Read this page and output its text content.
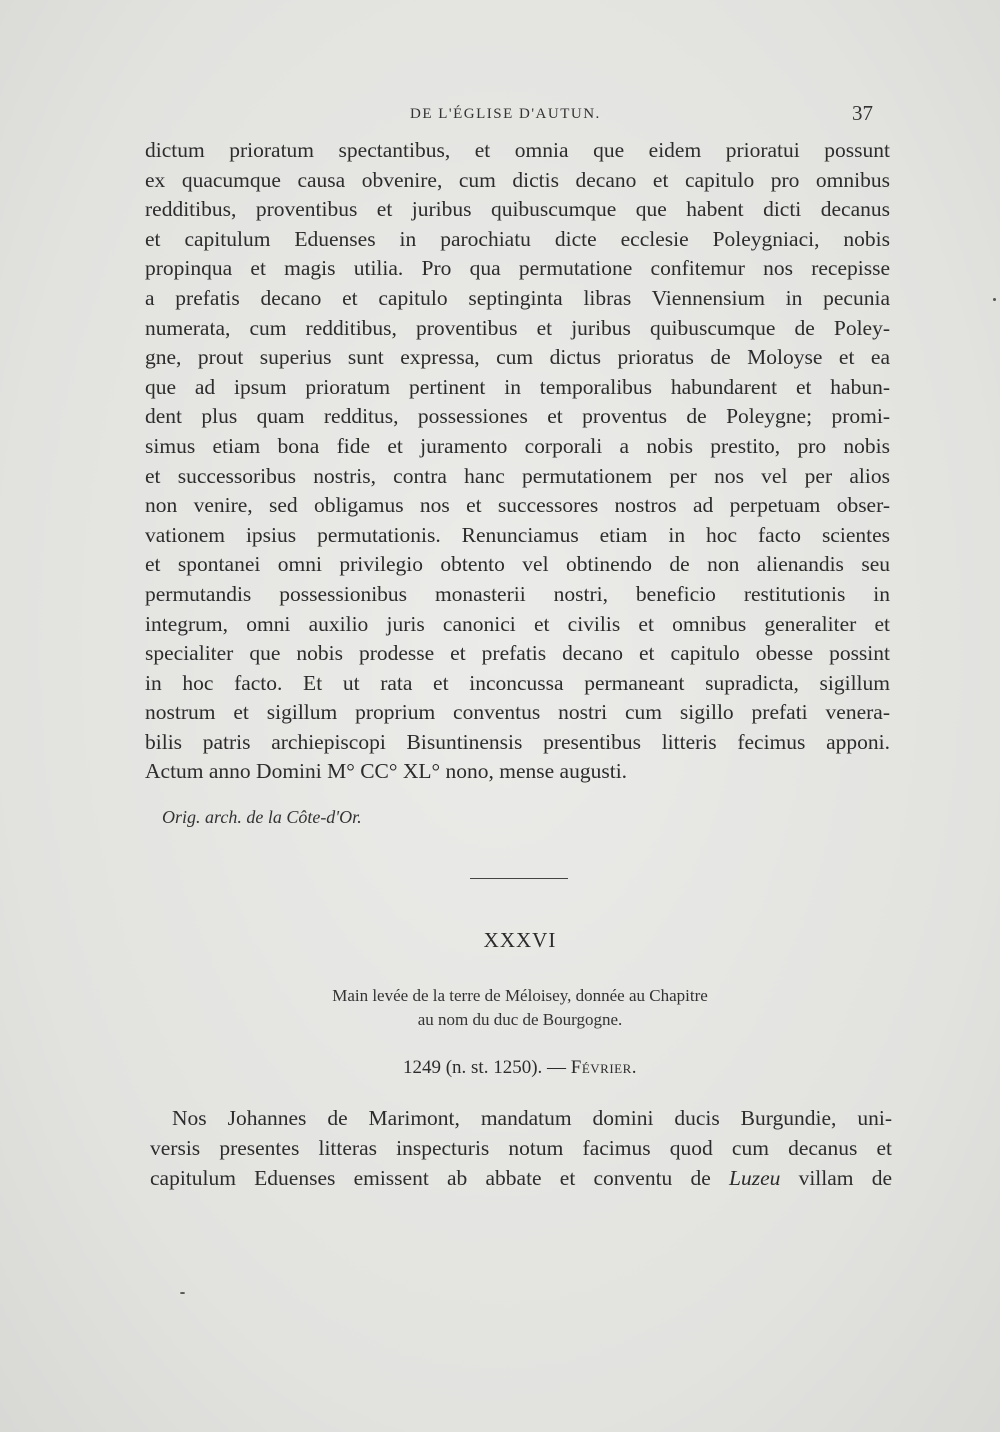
DE L'ÉGLISE D'AUTUN.	37
dictum prioratum spectantibus, et omnia que eidem prioratui possunt
ex quacumque causa obvenire, cum dictis decano et capitulo pro omnibus
redditibus, proventibus et juribus quibuscumque que habent dicti decanus
et capitulum Eduenses in parochiatu dicte ecclesie Poleygniaci, nobis
propinqua et magis utilia. Pro qua permutatione confitemur nos recepisse
a prefatis decano et capitulo septinginta libras Viennensium in pecunia
numerata, cum redditibus, proventibus et juribus quibuscumque de Poley-
gne, prout superius sunt expressa, cum dictus prioratus de Moloyse et ea
que ad ipsum prioratum pertinent in temporalibus habundarent et habun-
dent plus quam redditus, possessiones et proventus de Poleygne; promi-
simus etiam bona fide et juramento corporali a nobis prestito, pro nobis
et successoribus nostris, contra hanc permutationem per nos vel per alios
non venire, sed obligamus nos et successores nostros ad perpetuam obser-
vationem ipsius permutationis. Renunciamus etiam in hoc facto scientes
et spontanei omni privilegio obtento vel obtinendo de non alienandis seu
permutandis possessionibus monasterii nostri, beneficio restitutionis in
integrum, omni auxilio juris canonici et civilis et omnibus generaliter et
specialiter que nobis prodesse et prefatis decano et capitulo obesse possint
in hoc facto. Et ut rata et inconcussa permaneant supradicta, sigillum
nostrum et sigillum proprium conventus nostri cum sigillo prefati venera-
bilis patris archiepiscopi Bisuntinensis presentibus litteris fecimus apponi.
Actum anno Domini M° CC° XL° nono, mense augusti.
Orig. arch. de la Côte-d'Or.
XXXVI
Main levée de la terre de Méloisey, donnée au Chapitre
au nom du duc de Bourgogne.
1249 (n. st. 1250). — Février.
Nos Johannes de Marimont, mandatum domini ducis Burgundie, uni-
versis presentes litteras inspecturis notum facimus quod cum decanus et
capitulum Eduenses emissent ab abbate et conventu de Luzeu villam de
